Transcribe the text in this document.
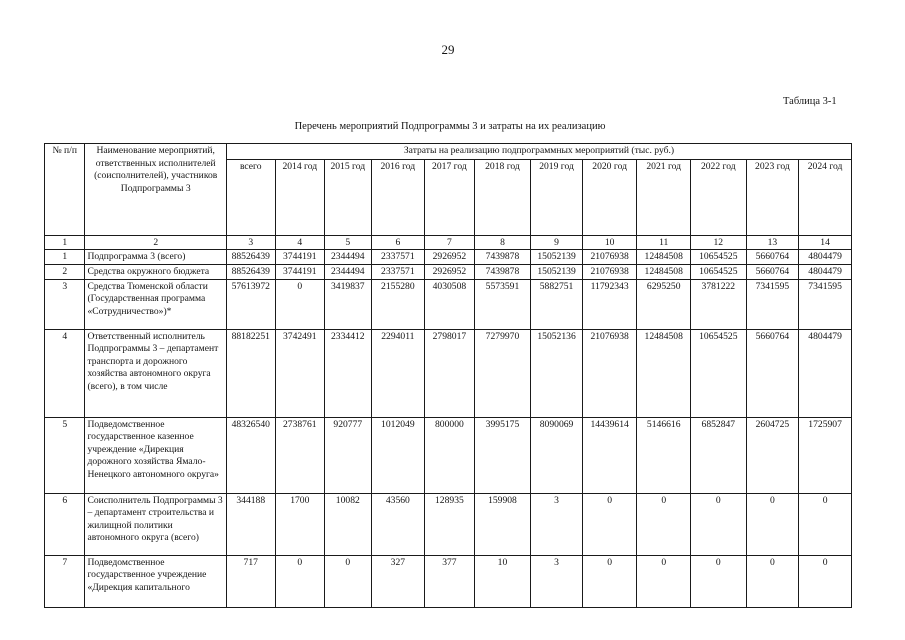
29
Таблица 3-1
Перечень мероприятий Подпрограммы 3 и затраты на их реализацию
№ п/п	Наименование мероприятий, ответственных исполнителей (соисполнителей), участников Подпрограммы 3	Затраты на реализацию подпрограммных мероприятий (тыс. руб.)											
		всего	2014 год	2015 год	2016 год	2017 год	2018 год	2019 год	2020 год	2021 год	2022 год	2023 год	2024 год
1	2	3	4	5	6	7	8	9	10	11	12	13	14
1	Подпрограмма 3 (всего)	88526439	3744191	2344494	2337571	2926952	7439878	15052139	21076938	12484508	10654525	5660764	4804479
2	Средства окружного бюджета	88526439	3744191	2344494	2337571	2926952	7439878	15052139	21076938	12484508	10654525	5660764	4804479
3	Средства Тюменской области (Государственная программа «Сотрудничество»)*	57613972	0	3419837	2155280	4030508	5573591	5882751	11792343	6295250	3781222	7341595	7341595
4	Ответственный исполнитель Подпрограммы 3 – департамент транспорта и дорожного хозяйства автономного округа (всего), в том числе	88182251	3742491	2334412	2294011	2798017	7279970	15052136	21076938	12484508	10654525	5660764	4804479
5	Подведомственное государственное казенное учреждение «Дирекция дорожного хозяйства Ямало-Ненецкого автономного округа»	48326540	2738761	920777	1012049	800000	3995175	8090069	14439614	5146616	6852847	2604725	1725907
6	Соисполнитель Подпрограммы 3 – департамент строительства и жилищной политики автономного округа (всего)	344188	1700	10082	43560	128935	159908	3	0	0	0	0	0
7	Подведомственное государственное учреждение «Дирекция капитального	717	0	0	327	377	10	3	0	0	0	0	0
